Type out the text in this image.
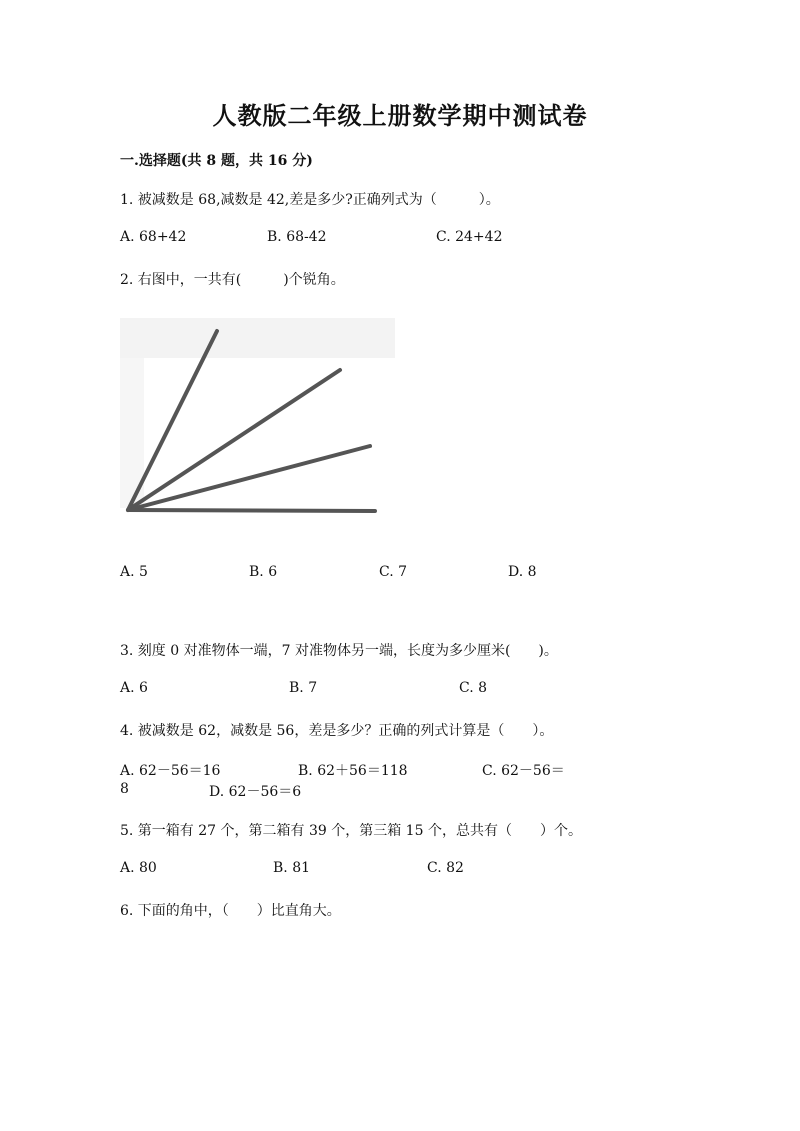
人教版二年级上册数学期中测试卷
一.选择题(共 8 题，共 16 分)
1. 被减数是 68,减数是 42,差是多少?正确列式为（　　　）。
A. 68+42	B. 68-42	C. 24+42
2. 右图中，一共有(　　　)个锐角。
A. 5	B. 6	C. 7	D. 8
3. 刻度 0 对准物体一端，7 对准物体另一端，长度为多少厘米(　　)。
A. 6	B. 7	C. 8
4. 被减数是 62，减数是 56，差是多少？正确的列式计算是（　　）。
A. 62－56＝16	B. 62＋56＝118	C. 62－56＝
8	D. 62－56＝6
5. 第一箱有 27 个，第二箱有 39 个，第三箱 15 个，总共有（　　）个。
A. 80	B. 81	C. 82
6. 下面的角中，（　　）比直角大。
